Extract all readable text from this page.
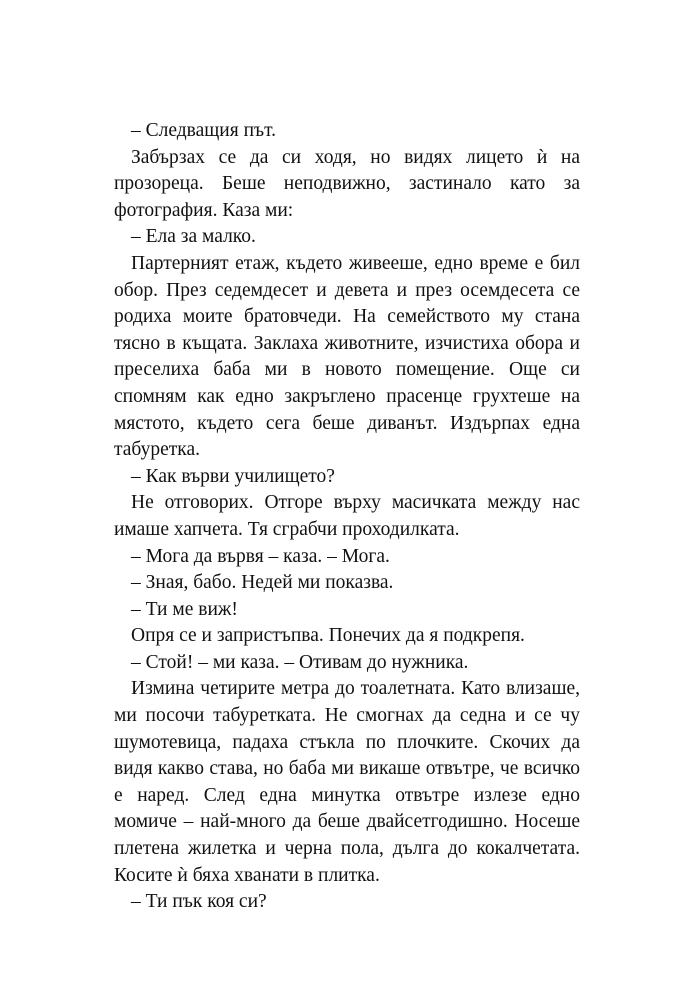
– Следващия път.

Забързах се да си ходя, но видях лицето ѝ на прозореца. Беше неподвижно, застинало като за фотография. Каза ми:

– Ела за малко.

Партерният етаж, където живееше, едно време е бил обор. През седемдесет и девета и през осемдесета се родиха моите братовчеди. На семейството му стана тясно в къщата. Заклаха животните, изчистиха обора и преселиха баба ми в новото помещение. Още си спомням как едно закръглено прасенце грухтеше на мястото, където сега беше диванът. Издърпах една табуретка.

– Как върви училището?

Не отговорих. Отгоре върху масичката между нас имаше хапчета. Тя сграбчи проходилката.

– Мога да вървя – каза. – Мога.

– Зная, бабо. Недей ми показва.

– Ти ме виж!

Опря се и запристъпва. Понечих да я подкрепя.

– Стой! – ми каза. – Отивам до нужника.

Измина четирите метра до тоалетната. Като влизаше, ми посочи табуретката. Не смогнах да седна и се чу шумотевица, падаха стъкла по плочките. Скочих да видя какво става, но баба ми викаше отвътре, че всичко е наред. След една минутка отвътре излезе едно момиче – най-много да беше двайсетгодишно. Носеше плетена жилетка и черна пола, дълга до кокалчетата. Косите ѝ бяха хванати в плитка.

– Ти пък коя си?
